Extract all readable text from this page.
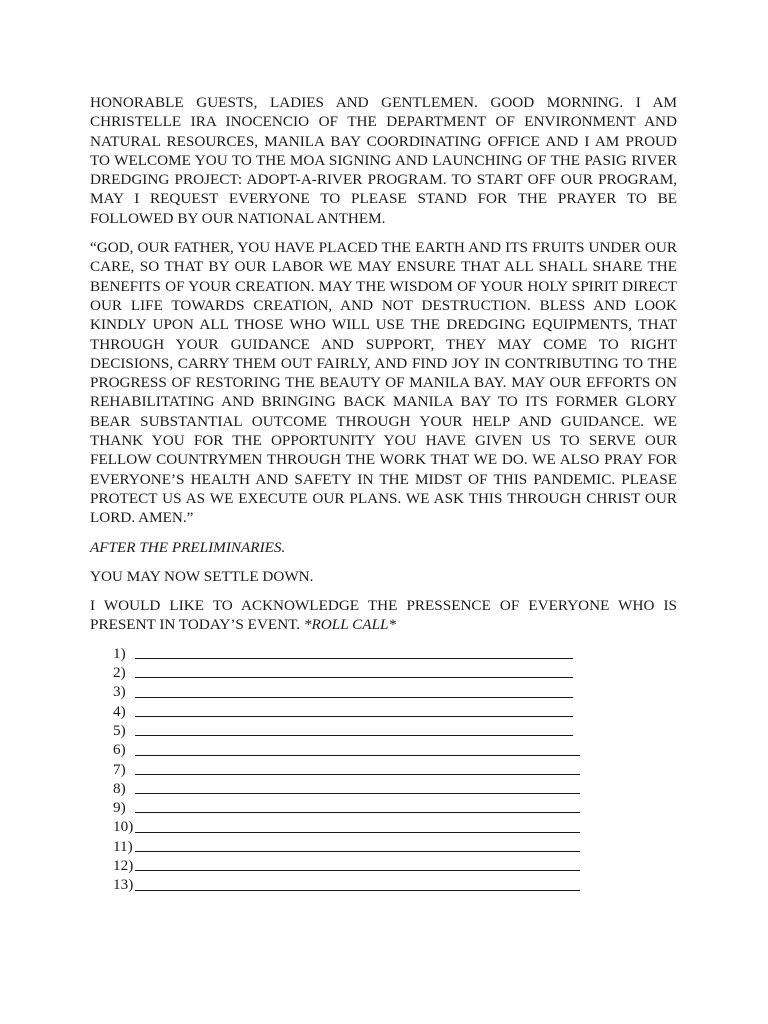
HONORABLE GUESTS, LADIES AND GENTLEMEN. GOOD MORNING. I AM CHRISTELLE IRA INOCENCIO OF THE DEPARTMENT OF ENVIRONMENT AND NATURAL RESOURCES, MANILA BAY COORDINATING OFFICE AND I AM PROUD TO WELCOME YOU TO THE MOA SIGNING AND LAUNCHING OF THE PASIG RIVER DREDGING PROJECT: ADOPT-A-RIVER PROGRAM. TO START OFF OUR PROGRAM, MAY I REQUEST EVERYONE TO PLEASE STAND FOR THE PRAYER TO BE FOLLOWED BY OUR NATIONAL ANTHEM.

“GOD, OUR FATHER, YOU HAVE PLACED THE EARTH AND ITS FRUITS UNDER OUR CARE, SO THAT BY OUR LABOR WE MAY ENSURE THAT ALL SHALL SHARE THE BENEFITS OF YOUR CREATION. MAY THE WISDOM OF YOUR HOLY SPIRIT DIRECT OUR LIFE TOWARDS CREATION, AND NOT DESTRUCTION. BLESS AND LOOK KINDLY UPON ALL THOSE WHO WILL USE THE DREDGING EQUIPMENTS, THAT THROUGH YOUR GUIDANCE AND SUPPORT, THEY MAY COME TO RIGHT DECISIONS, CARRY THEM OUT FAIRLY, AND FIND JOY IN CONTRIBUTING TO THE PROGRESS OF RESTORING THE BEAUTY OF MANILA BAY. MAY OUR EFFORTS ON REHABILITATING AND BRINGING BACK MANILA BAY TO ITS FORMER GLORY BEAR SUBSTANTIAL OUTCOME THROUGH YOUR HELP AND GUIDANCE. WE THANK YOU FOR THE OPPORTUNITY YOU HAVE GIVEN US TO SERVE OUR FELLOW COUNTRYMEN THROUGH THE WORK THAT WE DO. WE ALSO PRAY FOR EVERYONE’S HEALTH AND SAFETY IN THE MIDST OF THIS PANDEMIC. PLEASE PROTECT US AS WE EXECUTE OUR PLANS. WE ASK THIS THROUGH CHRIST OUR LORD. AMEN.”

AFTER THE PRELIMINARIES.

YOU MAY NOW SETTLE DOWN.

I WOULD LIKE TO ACKNOWLEDGE THE PRESSENCE OF EVERYONE WHO IS PRESENT IN TODAY’S EVENT. *ROLL CALL*

1)
2)
3)
4)
5)
6)
7)
8)
9)
10)
11)
12)
13)
